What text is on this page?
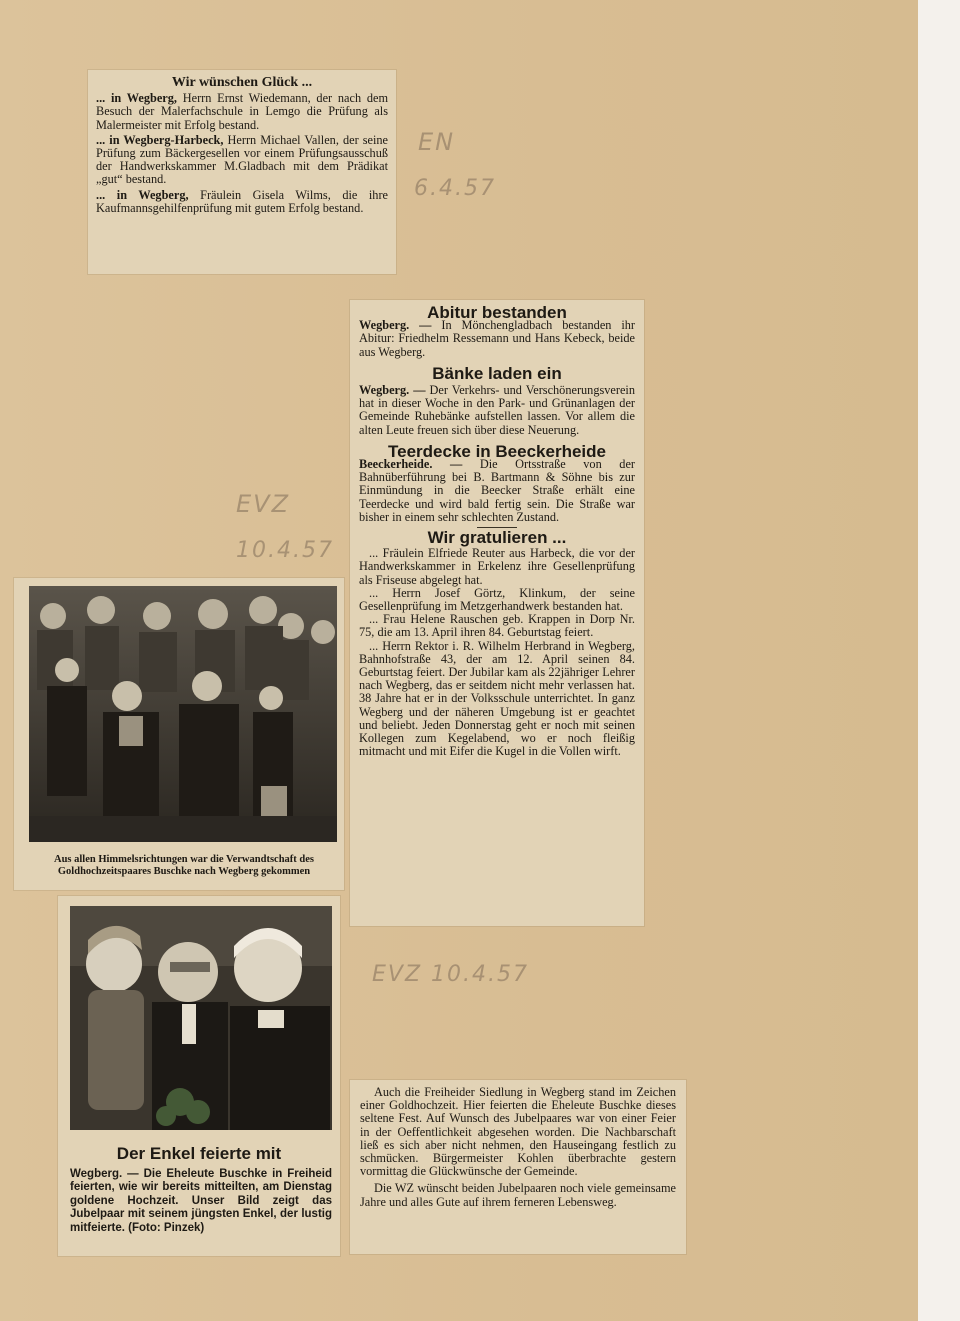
EN
6.4.57
EVZ
10.4.57
EVZ 10.4.57
Wir wünschen Glück ...

... in Wegberg, Herrn Ernst Wiedemann, der nach dem Besuch der Malerfachschule in Lemgo die Prüfung als Malermeister mit Erfolg bestand.

... in Wegberg-Harbeck, Herrn Michael Vallen, der seine Prüfung zum Bäckergesellen vor einem Prüfungsausschuß der Handwerkskammer M.Gladbach mit dem Prädikat „gut“ bestand.

... in Wegberg, Fräulein Gisela Wilms, die ihre Kaufmannsgehilfenprüfung mit gutem Erfolg bestand.

Abitur bestanden

Wegberg. — In Mönchengladbach bestanden ihr Abitur: Friedhelm Ressemann und Hans Kebeck, beide aus Wegberg.

Bänke laden ein

Wegberg. — Der Verkehrs- und Verschönerungsverein hat in dieser Woche in den Park- und Grünanlagen der Gemeinde Ruhebänke aufstellen lassen. Vor allem die alten Leute freuen sich über diese Neuerung.

Teerdecke in Beeckerheide

Beeckerheide. — Die Ortsstraße von der Bahnüberführung bei B. Bartmann & Söhne bis zur Einmündung in die Beecker Straße erhält eine Teerdecke und wird bald fertig sein. Die Straße war bisher in einem sehr schlechten Zustand.

Wir gratulieren ...

... Fräulein Elfriede Reuter aus Harbeck, die vor der Handwerkskammer in Erkelenz ihre Gesellenprüfung als Friseuse abgelegt hat.

... Herrn Josef Görtz, Klinkum, der seine Gesellenprüfung im Metzgerhandwerk bestanden hat.

... Frau Helene Rauschen geb. Krappen in Dorp Nr. 75, die am 13. April ihren 84. Geburtstag feiert.

... Herrn Rektor i. R. Wilhelm Herbrand in Wegberg, Bahnhofstraße 43, der am 12. April seinen 84. Geburtstag feiert. Der Jubilar kam als 22jähriger Lehrer nach Wegberg, das er seitdem nicht mehr verlassen hat. 38 Jahre hat er in der Volksschule unterrichtet. In ganz Wegberg und der näheren Umgebung ist er geachtet und beliebt. Jeden Donnerstag geht er noch mit seinen Kollegen zum Kegelabend, wo er noch fleißig mitmacht und mit Eifer die Kugel in die Vollen wirft.

Aus allen Himmelsrichtungen war die Verwandtschaft des Goldhochzeitspaares Buschke nach Wegberg gekommen
Der Enkel feierte mit

Wegberg. — Die Eheleute Buschke in Freiheid feierten, wie wir bereits mitteilten, am Dienstag goldene Hochzeit. Unser Bild zeigt das Jubelpaar mit seinem jüngsten Enkel, der lustig mitfeierte. (Foto: Pinzek)

Auch die Freiheider Siedlung in Wegberg stand im Zeichen einer Goldhochzeit. Hier feierten die Eheleute Buschke dieses seltene Fest. Auf Wunsch des Jubelpaares war von einer Feier in der Oeffentlichkeit abgesehen worden. Die Nachbarschaft ließ es sich aber nicht nehmen, den Hauseingang festlich zu schmücken. Bürgermeister Kohlen überbrachte gestern vormittag die Glückwünsche der Gemeinde.

Die WZ wünscht beiden Jubelpaaren noch viele gemeinsame Jahre und alles Gute auf ihrem ferneren Lebensweg.
